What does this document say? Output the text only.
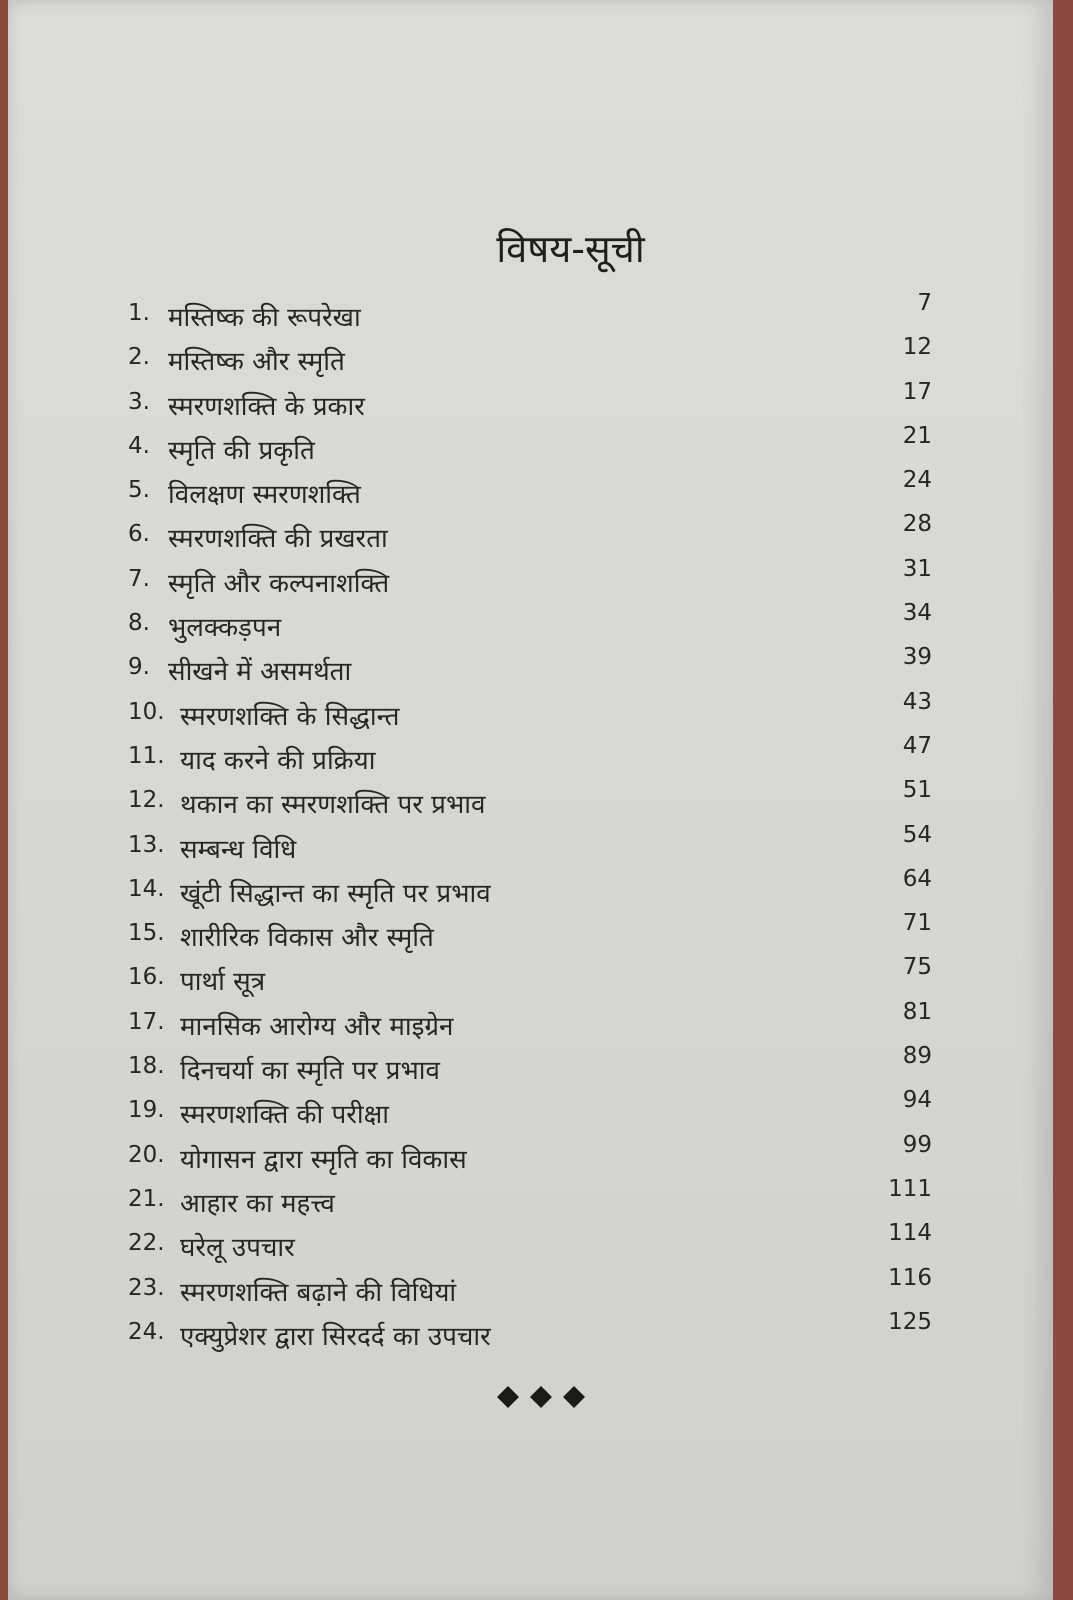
विषय-सूची
1. मस्तिष्क की रूपरेखा	7
2. मस्तिष्क और स्मृति	12
3. स्मरणशक्ति के प्रकार	17
4. स्मृति की प्रकृति	21
5. विलक्षण स्मरणशक्ति	24
6. स्मरणशक्ति की प्रखरता	28
7. स्मृति और कल्पनाशक्ति	31
8. भुलक्कड़पन	34
9. सीखने में असमर्थता	39
10. स्मरणशक्ति के सिद्धान्त	43
11. याद करने की प्रक्रिया	47
12. थकान का स्मरणशक्ति पर प्रभाव	51
13. सम्बन्ध विधि	54
14. खूंटी सिद्धान्त का स्मृति पर प्रभाव	64
15. शारीरिक विकास और स्मृति	71
16. पार्था सूत्र	75
17. मानसिक आरोग्य और माइग्रेन	81
18. दिनचर्या का स्मृति पर प्रभाव	89
19. स्मरणशक्ति की परीक्षा	94
20. योगासन द्वारा स्मृति का विकास	99
21. आहार का महत्त्व	111
22. घरेलू उपचार	114
23. स्मरणशक्ति बढ़ाने की विधियां	116
24. एक्युप्रेशर द्वारा सिरदर्द का उपचार	125
